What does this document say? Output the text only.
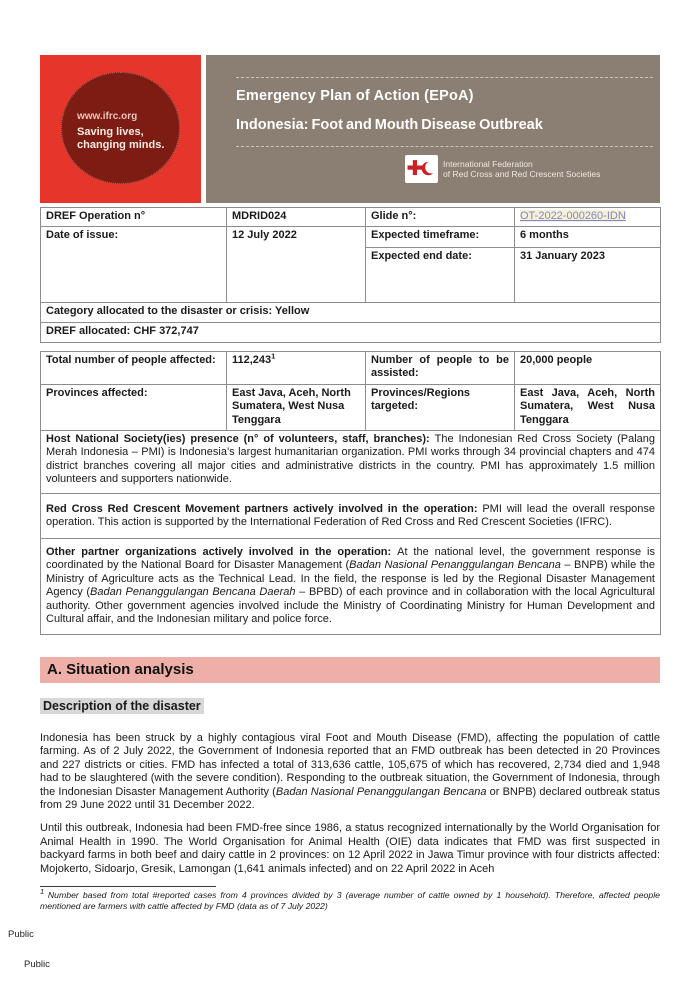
www.ifrc.org
Saving lives,
changing minds.
Emergency Plan of Action (EPoA)
Indonesia: Foot and Mouth Disease Outbreak
International Federation
of Red Cross and Red Crescent Societies
DREF Operation n°	MDRID024	Glide n°:	OT-2022-000260-IDN
Date of issue:	12 July 2022	Expected timeframe:	6 months
		Expected end date:	31 January 2023
Category allocated to the disaster or crisis: Yellow			
DREF allocated: CHF 372,747			
Total number of people affected:	112,243$^1$	Number of people to be assisted:	20,000 people
Provinces affected:	East Java, Aceh, North Sumatera, West Nusa Tenggara	Provinces/Regions targeted:	East Java, Aceh, North Sumatera, West Nusa Tenggara
Host National Society(ies) presence (n° of volunteers, staff, branches): The Indonesian Red Cross Society (Palang Merah Indonesia – PMI) is Indonesia’s largest humanitarian organization. PMI works through 34 provincial chapters and 474 district branches covering all major cities and administrative districts in the country. PMI has approximately 1.5 million volunteers and supporters nationwide.			
Red Cross Red Crescent Movement partners actively involved in the operation: PMI will lead the overall response operation. This action is supported by the International Federation of Red Cross and Red Crescent Societies (IFRC).			
Other partner organizations actively involved in the operation: At the national level, the government response is coordinated by the National Board for Disaster Management (Badan Nasional Penanggulangan Bencana – BNPB) while the Ministry of Agriculture acts as the Technical Lead. In the field, the response is led by the Regional Disaster Management Agency (Badan Penanggulangan Bencana Daerah – BPBD) of each province and in collaboration with the local Agricultural authority. Other government agencies involved include the Ministry of Coordinating Ministry for Human Development and Cultural affair, and the Indonesian military and police force.			
A. Situation analysis
Description of the disaster

Indonesia has been struck by a highly contagious viral Foot and Mouth Disease (FMD), affecting the population of cattle farming. As of 2 July 2022, the Government of Indonesia reported that an FMD outbreak has been detected in 20 Provinces and 227 districts or cities. FMD has infected a total of 313,636 cattle, 105,675 of which has recovered, 2,734 died and 1,948 had to be slaughtered (with the severe condition). Responding to the outbreak situation, the Government of Indonesia, through the Indonesian Disaster Management Authority (Badan Nasional Penanggulangan Bencana or BNPB) declared outbreak status from 29 June 2022 until 31 December 2022.

Until this outbreak, Indonesia had been FMD-free since 1986, a status recognized internationally by the World Organisation for Animal Health in 1990. The World Organisation for Animal Health (OIE) data indicates that FMD was first suspected in backyard farms in both beef and dairy cattle in 2 provinces: on 12 April 2022 in Jawa Timur province with four districts affected: Mojokerto, Sidoarjo, Gresik, Lamongan (1,641 animals infected) and on 22 April 2022 in Aceh

$^1$ Number based from total #reported cases from 4 provinces divided by 3 (average number of cattle owned by 1 household). Therefore, affected people mentioned are farmers with cattle affected by FMD (data as of 7 July 2022)
Public
Public
